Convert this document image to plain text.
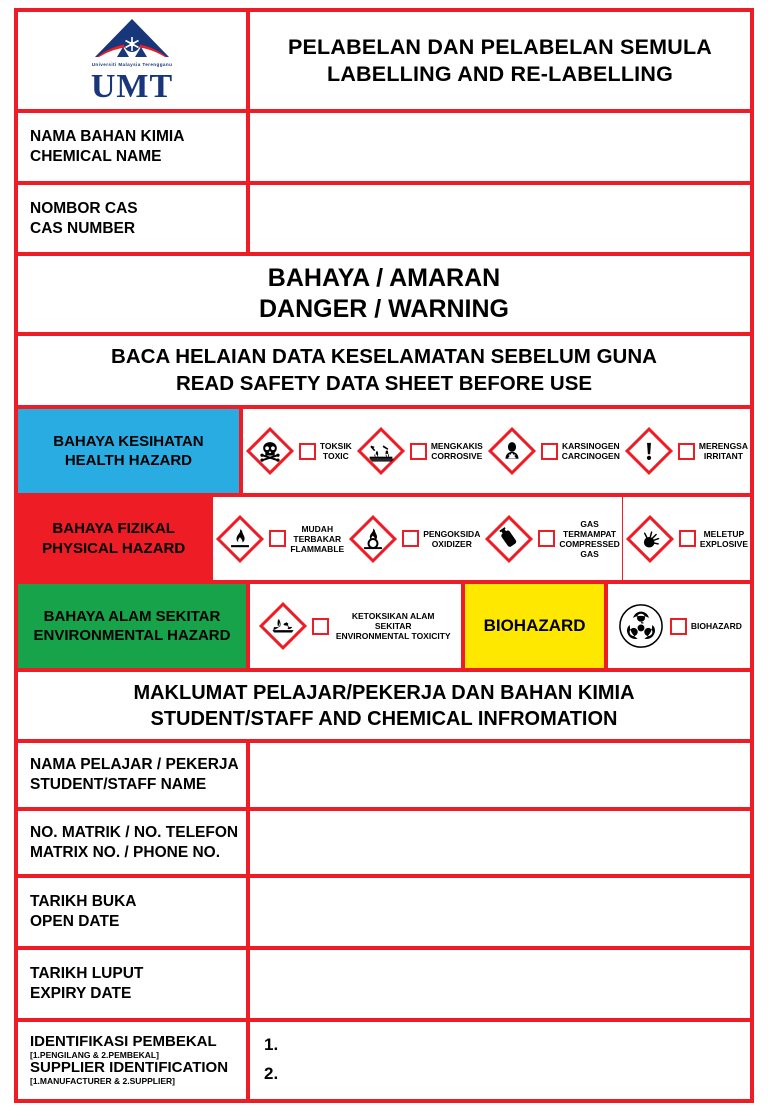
Universiti Malaysia Terengganu
UMT
PELABELAN DAN PELABELAN SEMULA
LABELLING AND RE-LABELLING
NAMA BAHAN KIMIA
CHEMICAL NAME
NOMBOR CAS
CAS NUMBER
BAHAYA / AMARAN
DANGER / WARNING
BACA HELAIAN DATA KESELAMATAN SEBELUM GUNA
READ SAFETY DATA SHEET BEFORE USE
BAHAYA KESIHATAN
HEALTH HAZARD
TOKSIK
TOXIC
MENGKAKIS
CORROSIVE
KARSINOGEN
CARCINOGEN
MERENGSA
IRRITANT
BAHAYA FIZIKAL
PHYSICAL HAZARD
MUDAH TERBAKAR
FLAMMABLE
PENGOKSIDA
OXIDIZER
GAS TERMAMPAT
COMPRESSED GAS
MELETUP
EXPLOSIVE
BAHAYA ALAM SEKITAR
ENVIRONMENTAL HAZARD
KETOKSIKAN ALAM SEKITAR
ENVIRONMENTAL TOXICITY
BIOHAZARD	BIOHAZARD
MAKLUMAT PELAJAR/PEKERJA DAN BAHAN KIMIA
STUDENT/STAFF AND CHEMICAL INFROMATION
NAMA PELAJAR / PEKERJA
STUDENT/STAFF NAME
NO. MATRIK / NO. TELEFON
MATRIX NO. / PHONE NO.
TARIKH BUKA
OPEN DATE
TARIKH LUPUT
EXPIRY DATE
IDENTIFIKASI PEMBEKAL
[1.PENGILANG & 2.PEMBEKAL]
SUPPLIER IDENTIFICATION
[1.MANUFACTURER & 2.SUPPLIER]
1.
2.
